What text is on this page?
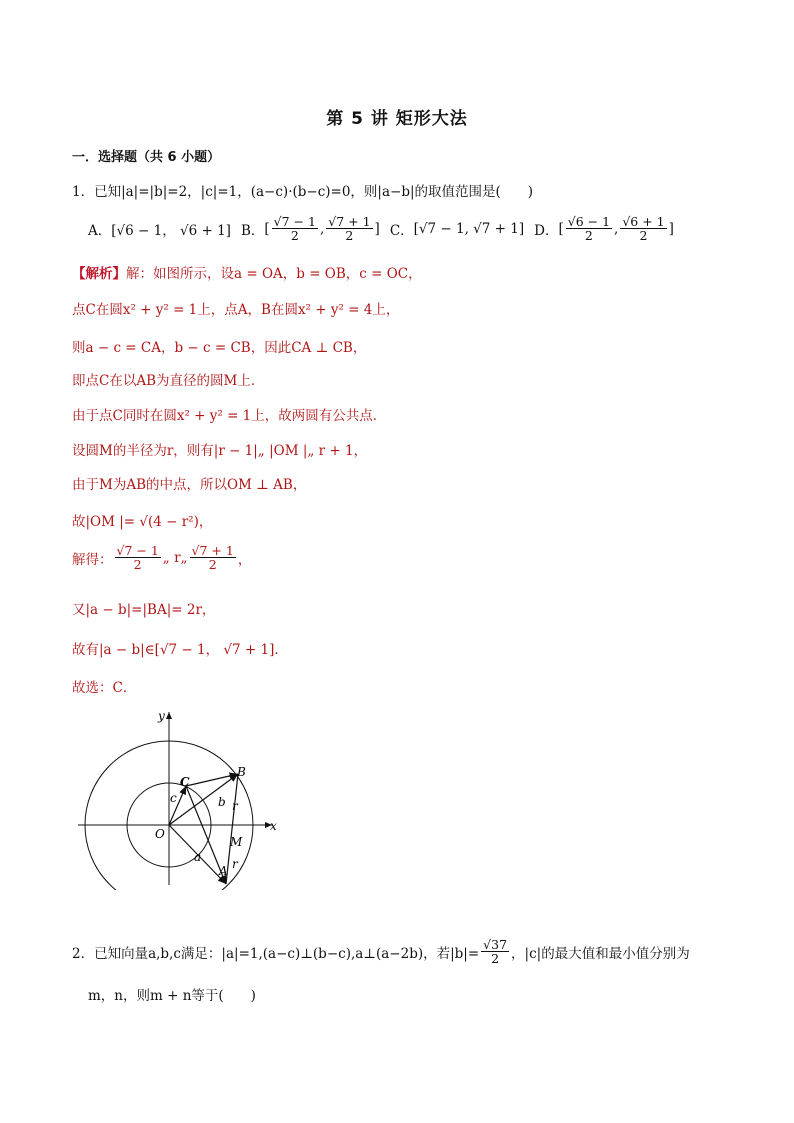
第 5 讲 矩形大法
一．选择题（共 6 小题）
1．已知|a|=|b|=2，|c|=1，(a−c)·(b−c)=0，则|a−b|的取值范围是(　　)
A． [√6 − 1， √6 + 1] B． [ $\frac{√7 - 1}{2}$ , $\frac{√7 + 1}{2}$ ] C． [√7 − 1, √7 + 1] D． [ $\frac{√6 - 1}{2}$ , $\frac{√6 + 1}{2}$ ]
【解析】解：如图所示，设a = OA，b = OB，c = OC，
点C在圆x² + y² = 1上，点A，B在圆x² + y² = 4上，
则a − c = CA，b − c = CB，因此CA ⊥ CB，
即点C在以AB为直径的圆M上．
由于点C同时在圆x² + y² = 1上，故两圆有公共点．
设圆M的半径为r，则有|r − 1|„ |OM |„ r + 1，
由于M为AB的中点，所以OM ⊥ AB，
故|OM |= √(4 − r²)，
解得： $\frac{√7 - 1}{2}$ „ r„ $\frac{√7 + 1}{2}$ ，
又|a − b|=|BA|= 2r，
故有|a − b|∈[√7 − 1， √7 + 1]．
故选：C．
y
x
O
C
B
A
M
a
b
c
r
r
2．已知向量a,b,c满足：|a|=1,(a−c)⊥(b−c),a⊥(a−2b)，若$|b|= \frac{√37}{2}$ ，|c|的最大值和最小值分别为
m，n，则m + n等于(　　)
